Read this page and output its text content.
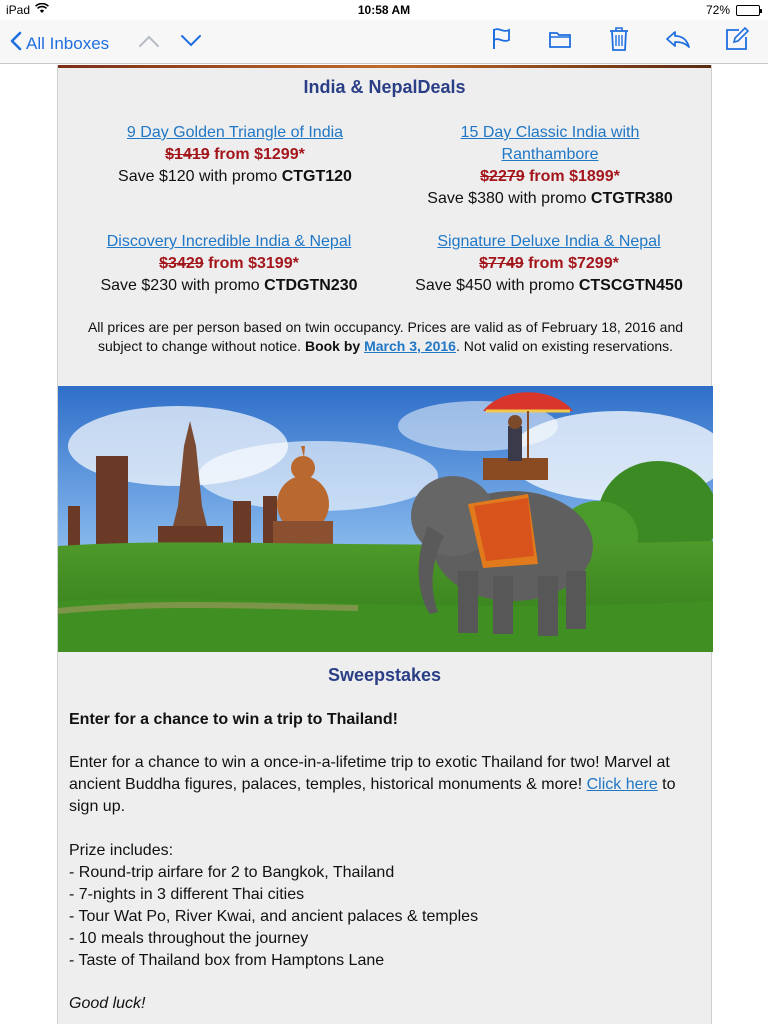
iPad	10:58 AM	72%
All Inboxes
India & NepalDeals
9 Day Golden Triangle of India
$1419 from $1299*
Save $120 with promo CTGT120
15 Day Classic India with Ranthambore
$2279 from $1899*
Save $380 with promo CTGTR380
Discovery Incredible India & Nepal
$3429 from $3199*
Save $230 with promo CTDGTN230
Signature Deluxe India & Nepal
$7749 from $7299*
Save $450 with promo CTSCGTN450
All prices are per person based on twin occupancy. Prices are valid as of February 18, 2016 and subject to change without notice. Book by March 3, 2016. Not valid on existing reservations.
Sweepstakes
Enter for a chance to win a trip to Thailand!
Enter for a chance to win a once-in-a-lifetime trip to exotic Thailand for two! Marvel at ancient Buddha figures, palaces, temples, historical monuments & more! Click here to sign up.
Prize includes:
- Round-trip airfare for 2 to Bangkok, Thailand
- 7-nights in 3 different Thai cities
- Tour Wat Po, River Kwai, and ancient palaces & temples
- 10 meals throughout the journey
- Taste of Thailand box from Hamptons Lane
Good luck!
